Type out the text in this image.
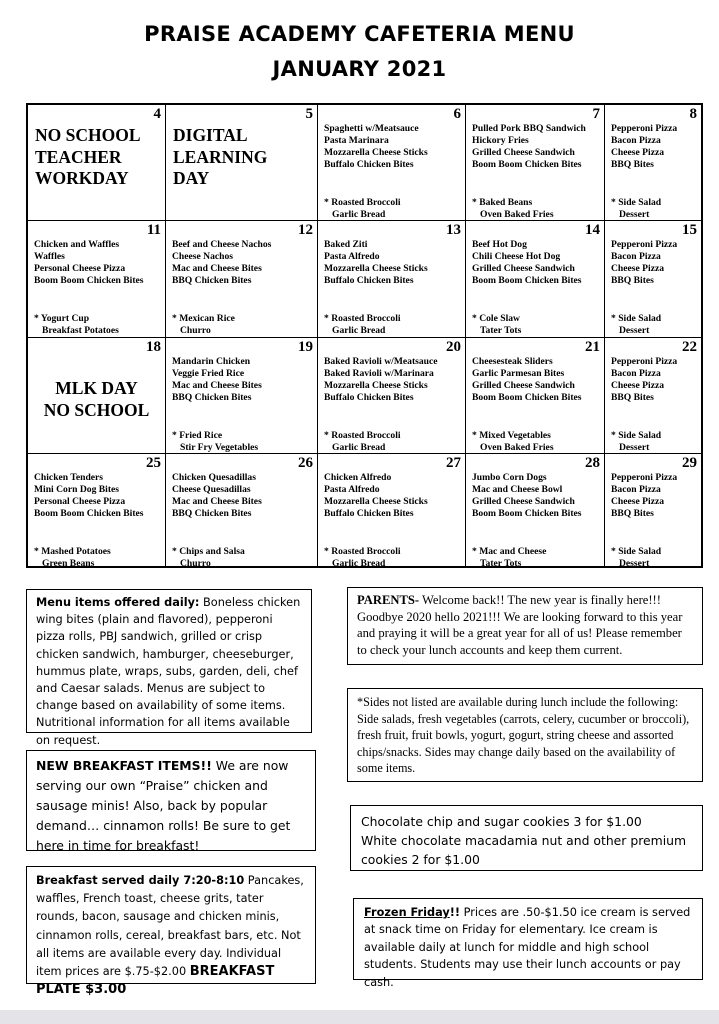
PRAISE ACADEMY CAFETERIA MENU
JANUARY 2021
4
NO SCHOOL
TEACHER
WORKDAY
5
DIGITAL
LEARNING
DAY
6
Spaghetti w/Meatsauce
Pasta Marinara
Mozzarella Cheese Sticks
Buffalo Chicken Bites
* Roasted Broccoli
Garlic Bread
7
Pulled Pork BBQ Sandwich
Hickory Fries
Grilled Cheese Sandwich
Boom Boom Chicken Bites
* Baked Beans
Oven Baked Fries
8
Pepperoni Pizza
Bacon Pizza
Cheese Pizza
BBQ Bites
* Side Salad
Dessert
11
Chicken and Waffles
Waffles
Personal Cheese Pizza
Boom Boom Chicken Bites
* Yogurt Cup
Breakfast Potatoes
12
Beef and Cheese Nachos
Cheese Nachos
Mac and Cheese Bites
BBQ Chicken Bites
* Mexican Rice
Churro
13
Baked Ziti
Pasta Alfredo
Mozzarella Cheese Sticks
Buffalo Chicken Bites
* Roasted Broccoli
Garlic Bread
14
Beef Hot Dog
Chili Cheese Hot Dog
Grilled Cheese Sandwich
Boom Boom Chicken Bites
* Cole Slaw
Tater Tots
15
Pepperoni Pizza
Bacon Pizza
Cheese Pizza
BBQ Bites
* Side Salad
Dessert
18
MLK DAY
NO SCHOOL
19
Mandarin Chicken
Veggie Fried Rice
Mac and Cheese Bites
BBQ Chicken Bites
* Fried Rice
Stir Fry Vegetables
20
Baked Ravioli w/Meatsauce
Baked Ravioli w/Marinara
Mozzarella Cheese Sticks
Buffalo Chicken Bites
* Roasted Broccoli
Garlic Bread
21
Cheesesteak Sliders
Garlic Parmesan Bites
Grilled Cheese Sandwich
Boom Boom Chicken Bites
* Mixed Vegetables
Oven Baked Fries
22
Pepperoni Pizza
Bacon Pizza
Cheese Pizza
BBQ Bites
* Side Salad
Dessert
25
Chicken Tenders
Mini Corn Dog Bites
Personal Cheese Pizza
Boom Boom Chicken Bites
* Mashed Potatoes
Green Beans
26
Chicken Quesadillas
Cheese Quesadillas
Mac and Cheese Bites
BBQ Chicken Bites
* Chips and Salsa
Churro
27
Chicken Alfredo
Pasta Alfredo
Mozzarella Cheese Sticks
Buffalo Chicken Bites
* Roasted Broccoli
Garlic Bread
28
Jumbo Corn Dogs
Mac and Cheese Bowl
Grilled Cheese Sandwich
Boom Boom Chicken Bites
* Mac and Cheese
Tater Tots
29
Pepperoni Pizza
Bacon Pizza
Cheese Pizza
BBQ Bites
* Side Salad
Dessert
Menu items offered daily: Boneless chicken wing bites (plain and flavored), pepperoni pizza rolls, PBJ sandwich, grilled or crisp chicken sandwich, hamburger, cheeseburger, hummus plate, wraps, subs, garden, deli, chef and Caesar salads. Menus are subject to change based on availability of some items. Nutritional information for all items available on request.
NEW BREAKFAST ITEMS!! We are now serving our own “Praise” chicken and sausage minis! Also, back by popular demand… cinnamon rolls! Be sure to get here in time for breakfast!
Breakfast served daily 7:20-8:10 Pancakes, waffles, French toast, cheese grits, tater rounds, bacon, sausage and chicken minis, cinnamon rolls, cereal, breakfast bars, etc. Not all items are available every day. Individual item prices are $.75-$2.00 BREAKFAST PLATE $3.00
PARENTS- Welcome back!! The new year is finally here!!! Goodbye 2020 hello 2021!!! We are looking forward to this year and praying it will be a great year for all of us! Please remember to check your lunch accounts and keep them current.
*Sides not listed are available during lunch include the following: Side salads, fresh vegetables (carrots, celery, cucumber or broccoli), fresh fruit, fruit bowls, yogurt, gogurt, string cheese and assorted chips/snacks. Sides may change daily based on the availability of some items.
Chocolate chip and sugar cookies 3 for $1.00
White chocolate macadamia nut and other premium cookies 2 for $1.00
Frozen Friday!! Prices are .50-$1.50 ice cream is served at snack time on Friday for elementary. Ice cream is available daily at lunch for middle and high school students. Students may use their lunch accounts or pay cash.
